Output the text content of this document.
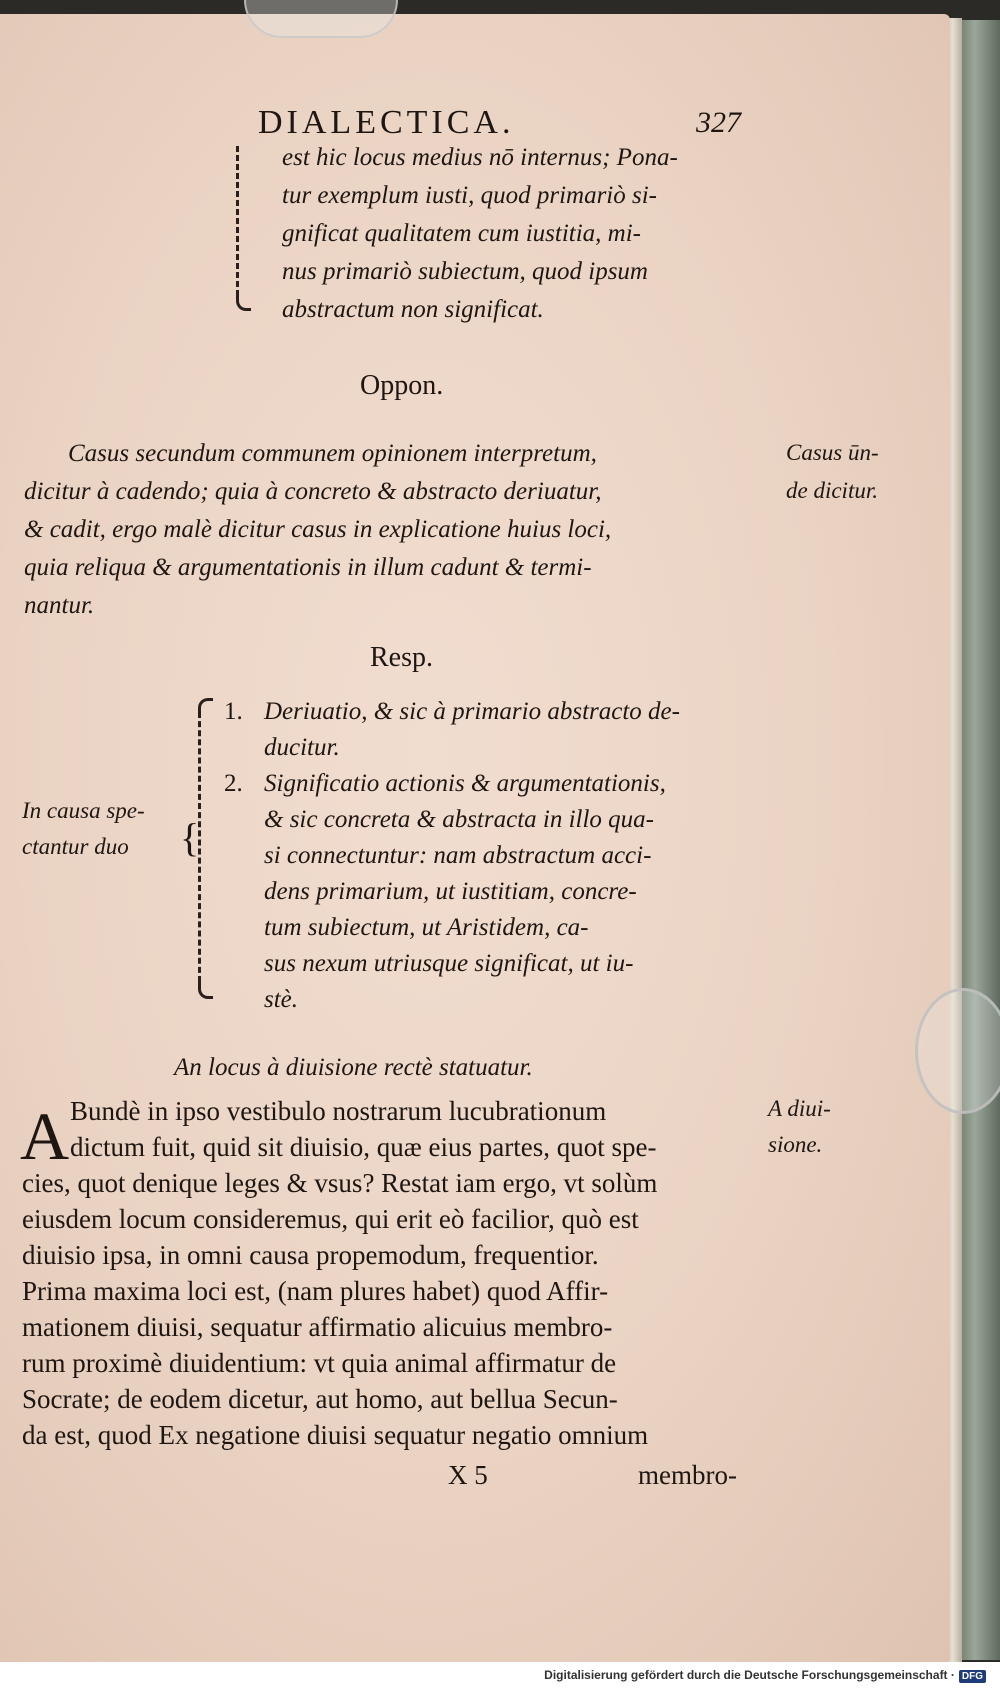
DIALECTICA.	327
est hic locus medius nō internus; Pona-
tur exemplum iusti, quod primariò si-
gnificat qualitatem cum iustitia, mi-
nus primariò subiectum, quod ipsum
abstractum non significat.
Oppon.
Casus secundum communem opinionem interpretum,
dicitur à cadendo; quia à concreto & abstracto deriuatur,
& cadit, ergo malè dicitur casus in explicatione huius loci,
quia reliqua & argumentationis in illum cadunt & termi-
nantur.
Casus ūn-
de dicitur.
Resp.
{
In causa spe-
ctantur duo
1. Deriuatio, & sic à primario abstracto de-
ducitur.
2. Significatio actionis & argumentationis,
& sic concreta & abstracta in illo qua-
si connectuntur: nam abstractum acci-
dens primarium, ut iustitiam, concre-
tum subiectum, ut Aristidem, ca-
sus nexum utriusque significat, ut iu-
stè.
An locus à diuisione rectè statuatur.
A diui-
sione.
A Bundè in ipso vestibulo nostrarum lucubrationum
dictum fuit, quid sit diuisio, quæ eius partes, quot spe-
cies, quot denique leges & vsus? Restat iam ergo, vt solùm
eiusdem locum consideremus, qui erit eò facilior, quò est
diuisio ipsa, in omni causa propemodum, frequentior.
Prima maxima loci est, (nam plures habet) quod Affir-
mationem diuisi, sequatur affirmatio alicuius membro-
rum proximè diuidentium: vt quia animal affirmatur de
Socrate; de eodem dicetur, aut homo, aut bellua Secun-
da est, quod Ex negatione diuisi sequatur negatio omnium
X 5	membro-
Digitalisierung gefördert durch die Deutsche Forschungsgemeinschaft · DFG
